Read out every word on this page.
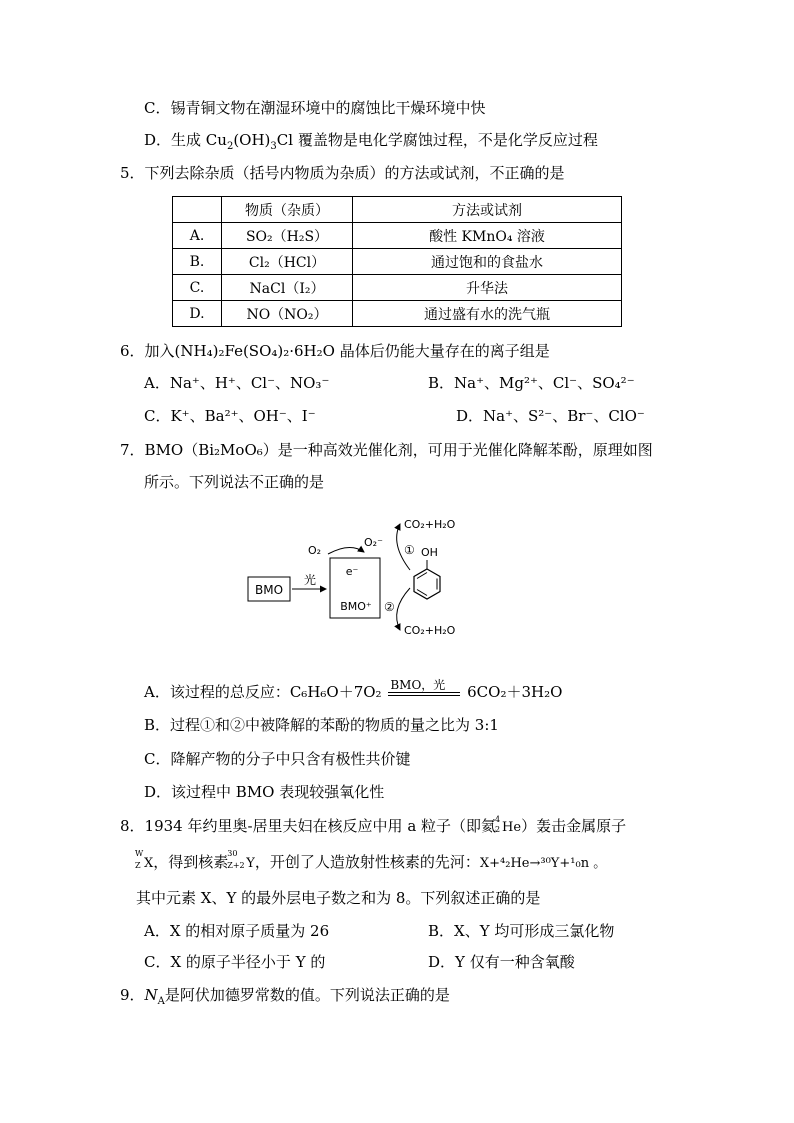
C．锡青铜文物在潮湿环境中的腐蚀比干燥环境中快
D．生成 $Cu_2(OH)_3Cl$ 覆盖物是电化学腐蚀过程，不是化学反应过程
5．下列去除杂质（括号内物质为杂质）的方法或试剂，不正确的是
	物质（杂质）	方法或试剂
A.	SO₂（H₂S）	酸性 KMnO₄ 溶液
B.	Cl₂（HCl）	通过饱和的食盐水
C.	NaCl（I₂）	升华法
D.	NO（NO₂）	通过盛有水的洗气瓶
6．加入(NH₄)₂Fe(SO₄)₂·6H₂O 晶体后仍能大量存在的离子组是
A．Na⁺、H⁺、Cl⁻、NO₃⁻	B．Na⁺、Mg²⁺、Cl⁻、SO₄²⁻
C．K⁺、Ba²⁺、OH⁻、I⁻	D．Na⁺、S²⁻、Br⁻、ClO⁻
7．BMO（Bi₂MoO₆）是一种高效光催化剂，可用于光催化降解苯酚，原理如图
所示。下列说法不正确的是
BMO
光
e⁻
BMO⁺
O₂
O₂⁻
CO₂+H₂O
① OH
②
CO₂+H₂O
A．该过程的总反应：C₆H₆O＋7O₂ BMO，光 6CO₂＋3H₂O
B．过程①和②中被降解的苯酚的物质的量之比为 3:1
C．降解产物的分子中只含有极性共价键
D．该过程中 BMO 表现较强氧化性
8．1934 年约里奥-居里夫妇在核反应中用 a 粒子（即氦 4
2 He）轰击金属原子
W
Z X，得到核素 30
Z+2 Y，开创了人造放射性核素的先河：X+⁴₂He→³⁰Y+¹₀n 。
其中元素 X、Y 的最外层电子数之和为 8。下列叙述正确的是
A．X 的相对原子质量为 26	B．X、Y 均可形成三氯化物
C．X 的原子半径小于 Y 的	D．Y 仅有一种含氧酸
9．$N_A$是阿伏加德罗常数的值。下列说法正确的是
